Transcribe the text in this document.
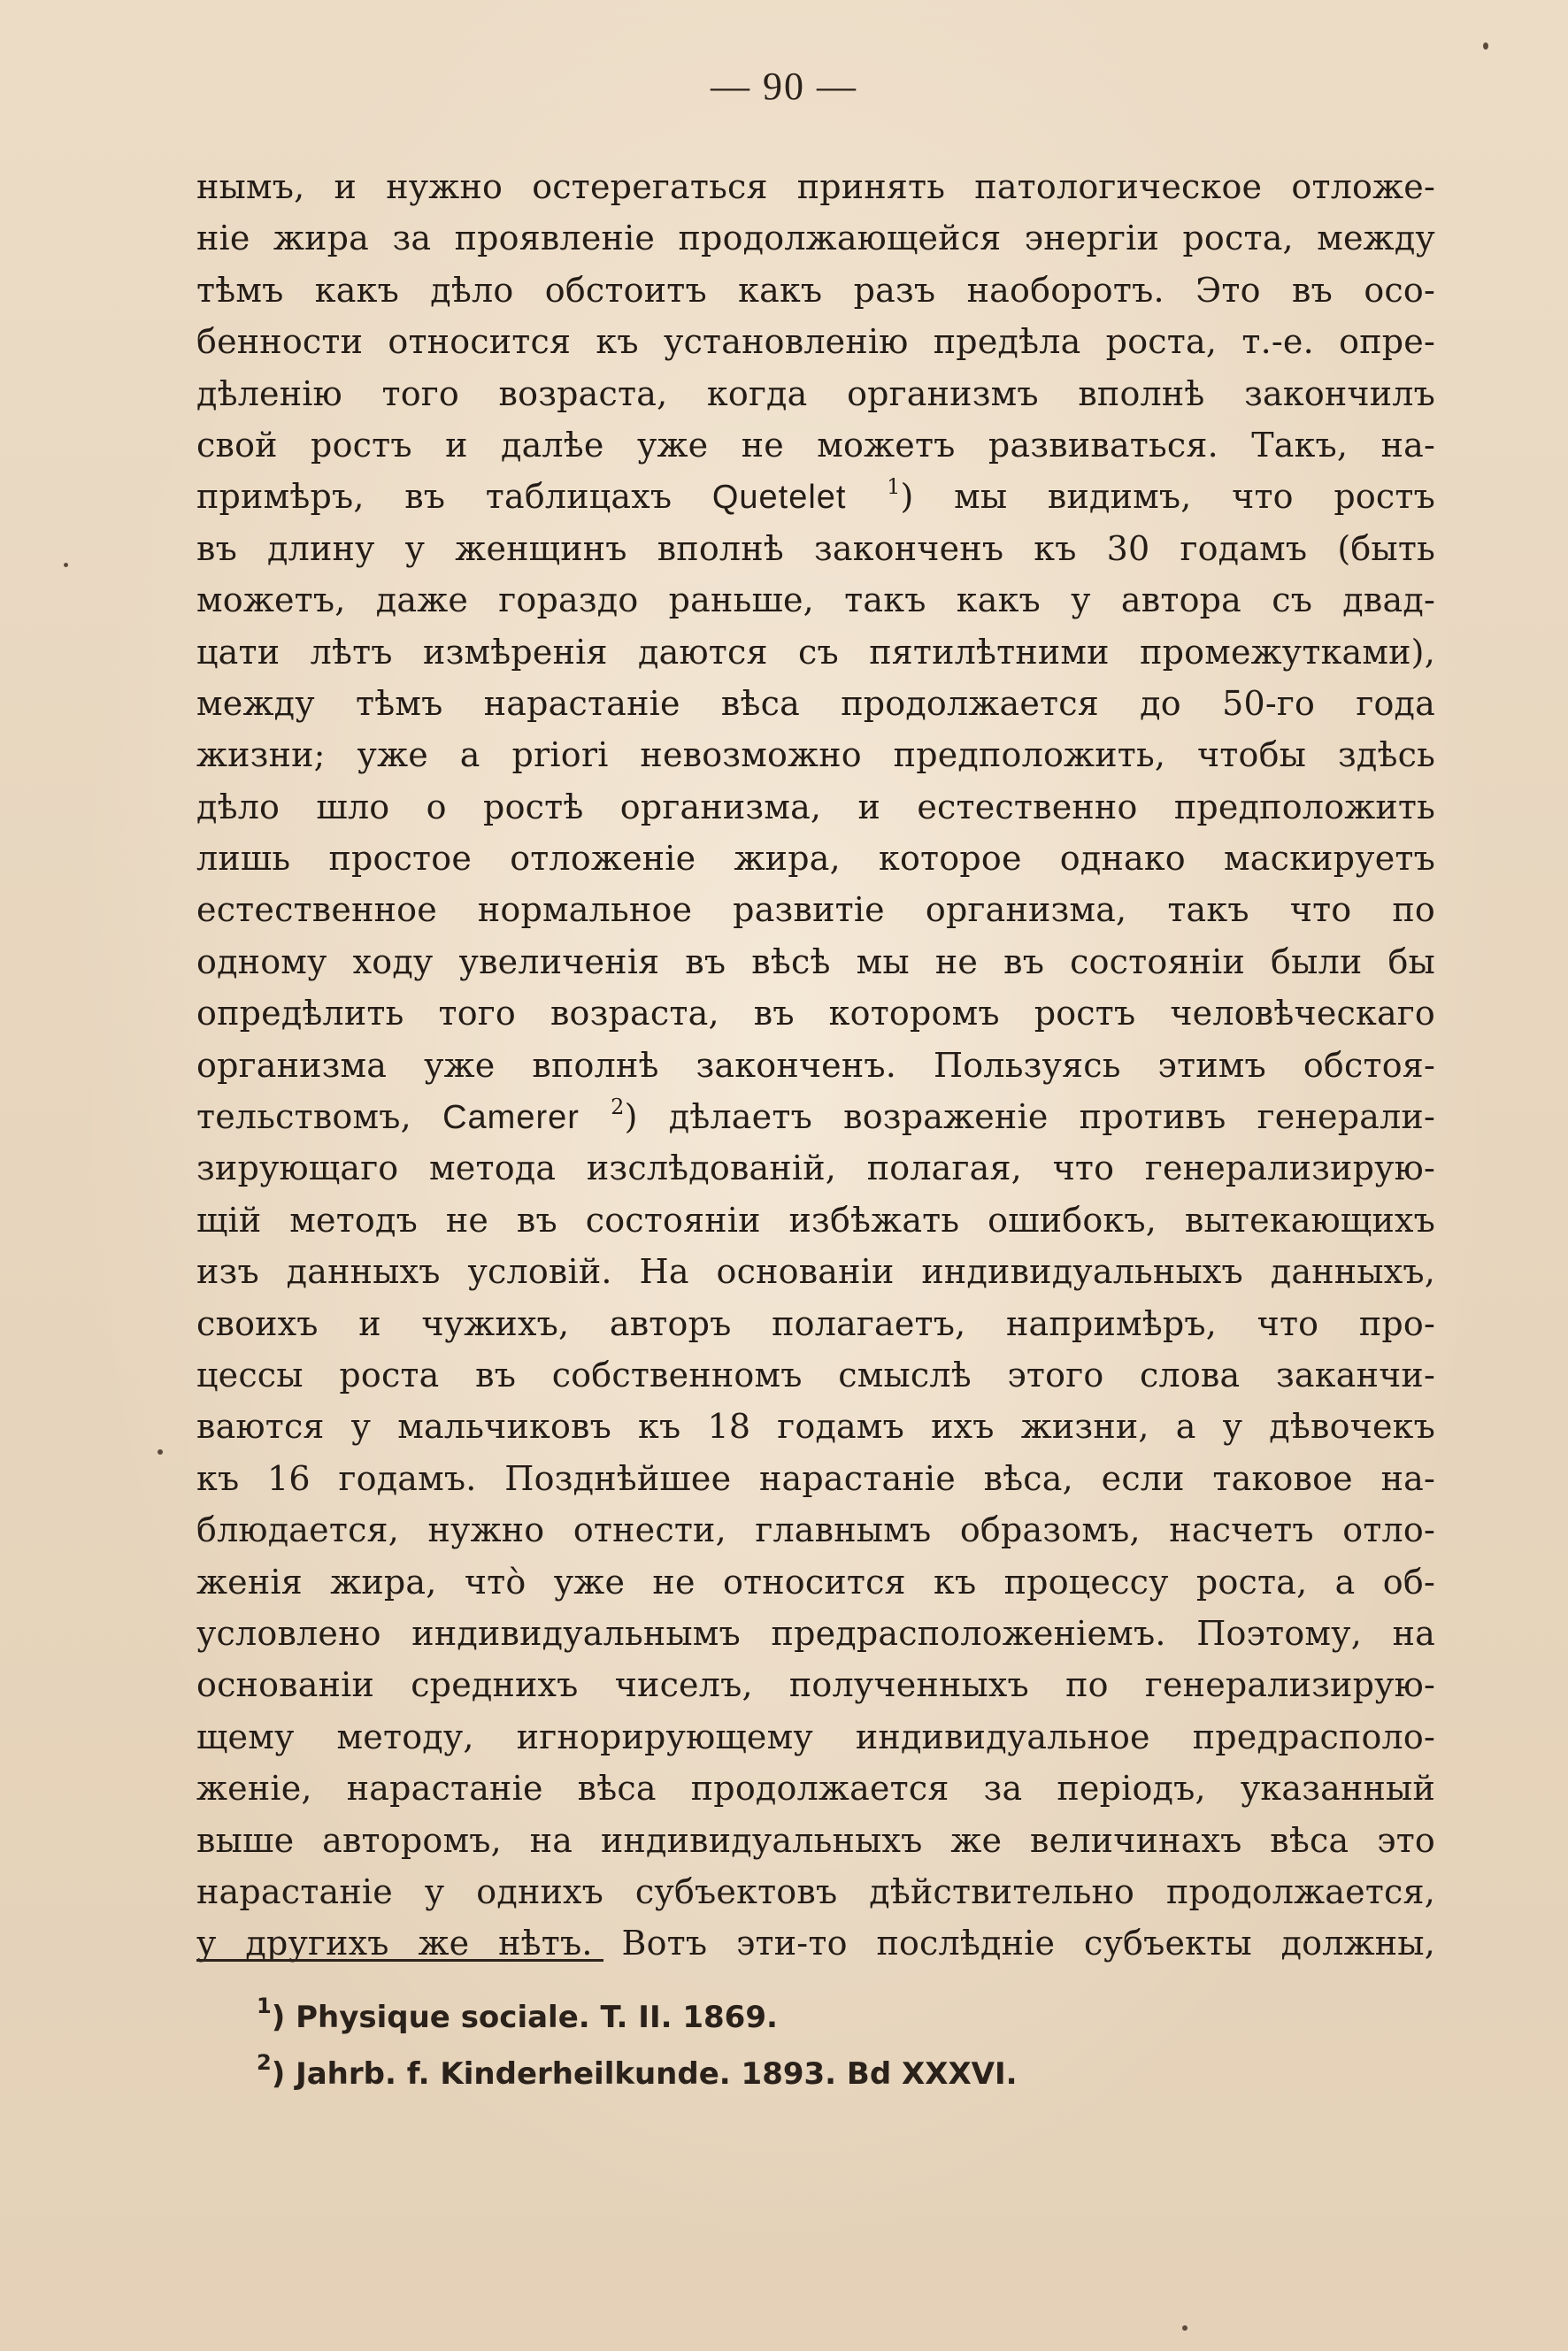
— 90 —
нымъ, и нужно остерегаться принять патологическое отложе-
нiе жира за проявленiе продолжающейся энергiи роста, между
тѣмъ какъ дѣло обстоитъ какъ разъ наоборотъ. Это въ осо-
бенности относится къ установленiю предѣла роста, т.-е. опре-
дѣленiю того возраста, когда организмъ вполнѣ закончилъ
свой ростъ и далѣе уже не можетъ развиваться. Такъ, на-
примѣръ, въ таблицахъ Quetelet $^1$) мы видимъ, что ростъ
въ длину у женщинъ вполнѣ законченъ къ 30 годамъ (быть
можетъ, даже гораздо раньше, такъ какъ у автора съ двад-
цати лѣтъ измѣренiя даются съ пятилѣтними промежутками),
между тѣмъ нарастанiе вѣса продолжается до 50-го года
жизни; уже a priori невозможно предположить, чтобы здѣсь
дѣло шло о ростѣ организма, и естественно предположить
лишь простое отложенiе жира, которое однако маскируетъ
естественное нормальное развитiе организма, такъ что по
одному ходу увеличенiя въ вѣсѣ мы не въ состоянiи были бы
опредѣлить того возраста, въ которомъ ростъ человѣческаго
организма уже вполнѣ законченъ. Пользуясь этимъ обстоя-
тельствомъ, Camerer $^2$) дѣлаетъ возраженiе противъ генерали-
зирующаго метода изслѣдованiй, полагая, что генерализирую-
щiй методъ не въ состоянiи избѣжать ошибокъ, вытекающихъ
изъ данныхъ условiй. На основанiи индивидуальныхъ данныхъ,
своихъ и чужихъ, авторъ полагаетъ, напримѣръ, что про-
цессы роста въ собственномъ смыслѣ этого слова заканчи-
ваются у мальчиковъ къ 18 годамъ ихъ жизни, а у дѣвочекъ
къ 16 годамъ. Позднѣйшее нарастанiе вѣса, если таковое на-
блюдается, нужно отнести, главнымъ образомъ, насчетъ отло-
женiя жира, что̀ уже не относится къ процессу роста, а об-
условлено индивидуальнымъ предрасположенiемъ. Поэтому, на
основанiи среднихъ чиселъ, полученныхъ по генерализирую-
щему методу, игнорирующему индивидуальное предрасполо-
женiе, нарастанiе вѣса продолжается за перiодъ, указанный
выше авторомъ, на индивидуальныхъ же величинахъ вѣса это
нарастанiе у однихъ субъектовъ дѣйствительно продолжается,
у другихъ же нѣтъ. Вотъ эти-то послѣднiе субъекты должны,
$^1$) Physique sociale. T. II. 1869.
$^2$) Jahrb. f. Kinderheilkunde. 1893. Bd XXXVI.
